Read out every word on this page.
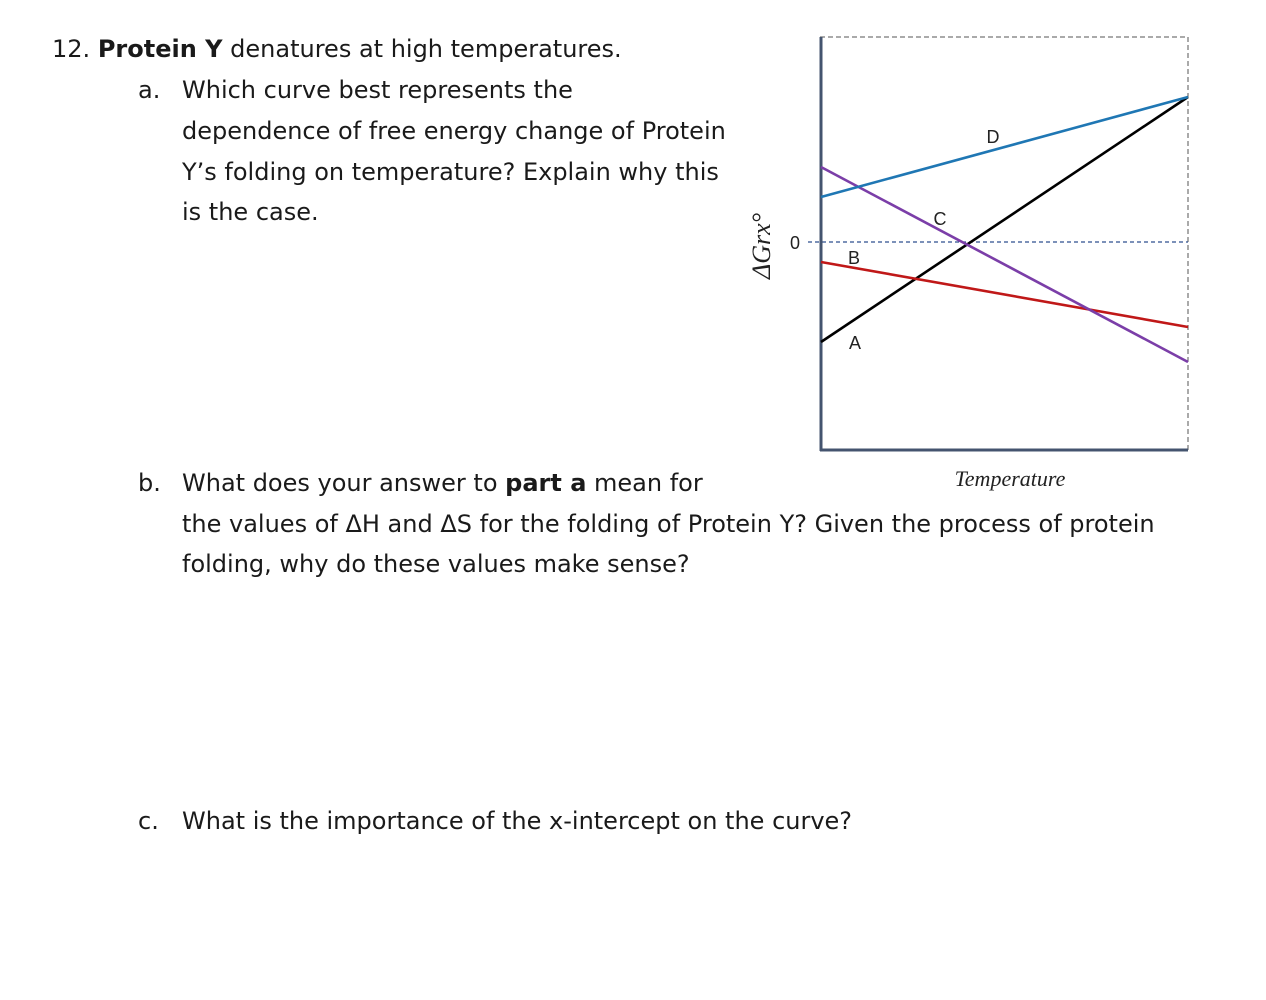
12. Protein Y denatures at high temperatures.
a. Which curve best represents the
dependence of free energy change of Protein
Y’s folding on temperature? Explain why this
is the case.
0
ΔGrx°
Temperature
A
B
C
D
b. What does your answer to part a mean for
the values of ΔH and ΔS for the folding of Protein Y? Given the process of protein
folding, why do these values make sense?
c. What is the importance of the x-intercept on the curve?
